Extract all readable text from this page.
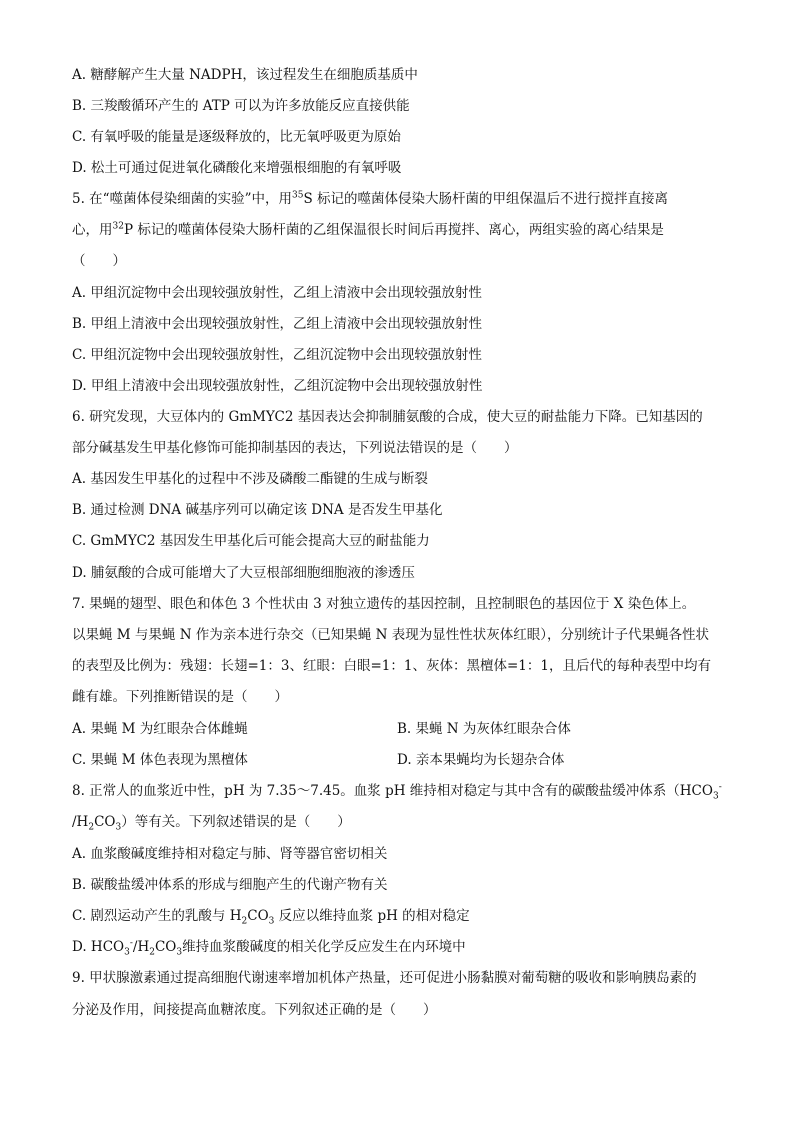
A. 糖酵解产生大量 NADPH，该过程发生在细胞质基质中
B. 三羧酸循环产生的 ATP 可以为许多放能反应直接供能
C. 有氧呼吸的能量是逐级释放的，比无氧呼吸更为原始
D. 松土可通过促进氧化磷酸化来增强根细胞的有氧呼吸
5. 在“噬菌体侵染细菌的实验”中，用$^{35}$S 标记的噬菌体侵染大肠杆菌的甲组保温后不进行搅拌直接离
心，用$^{32}$P 标记的噬菌体侵染大肠杆菌的乙组保温很长时间后再搅拌、离心，两组实验的离心结果是
（　　）
A. 甲组沉淀物中会出现较强放射性，乙组上清液中会出现较强放射性
B. 甲组上清液中会出现较强放射性，乙组上清液中会出现较强放射性
C. 甲组沉淀物中会出现较强放射性，乙组沉淀物中会出现较强放射性
D. 甲组上清液中会出现较强放射性，乙组沉淀物中会出现较强放射性
6. 研究发现，大豆体内的 GmMYC2 基因表达会抑制脯氨酸的合成，使大豆的耐盐能力下降。已知基因的
部分碱基发生甲基化修饰可能抑制基因的表达，下列说法错误的是（　　）
A. 基因发生甲基化的过程中不涉及磷酸二酯键的生成与断裂
B. 通过检测 DNA 碱基序列可以确定该 DNA 是否发生甲基化
C. GmMYC2 基因发生甲基化后可能会提高大豆的耐盐能力
D. 脯氨酸的合成可能增大了大豆根部细胞细胞液的渗透压
7. 果蝇的翅型、眼色和体色 3 个性状由 3 对独立遗传的基因控制，且控制眼色的基因位于 X 染色体上。
以果蝇 M 与果蝇 N 作为亲本进行杂交（已知果蝇 N 表现为显性性状灰体红眼），分别统计子代果蝇各性状
的表型及比例为：残翅：长翅=1：3、红眼：白眼=1：1、灰体：黑檀体=1：1，且后代的每种表型中均有
雌有雄。下列推断错误的是（　　）
A. 果蝇 M 为红眼杂合体雌蝇	B. 果蝇 N 为灰体红眼杂合体
C. 果蝇 M 体色表现为黑檀体	D. 亲本果蝇均为长翅杂合体
8. 正常人的血浆近中性，pH 为 7.35～7.45。血浆 pH 维持相对稳定与其中含有的碳酸盐缓冲体系（$HCO_3^-$
$/H_2CO_3$）等有关。下列叙述错误的是（　　）
A. 血浆酸碱度维持相对稳定与肺、肾等器官密切相关
B. 碳酸盐缓冲体系的形成与细胞产生的代谢产物有关
C. 剧烈运动产生的乳酸与 $H_2CO_3$ 反应以维持血浆 pH 的相对稳定
D. $HCO_3^-/H_2CO_3$维持血浆酸碱度的相关化学反应发生在内环境中
9. 甲状腺激素通过提高细胞代谢速率增加机体产热量，还可促进小肠黏膜对葡萄糖的吸收和影响胰岛素的
分泌及作用，间接提高血糖浓度。下列叙述正确的是（　　）
